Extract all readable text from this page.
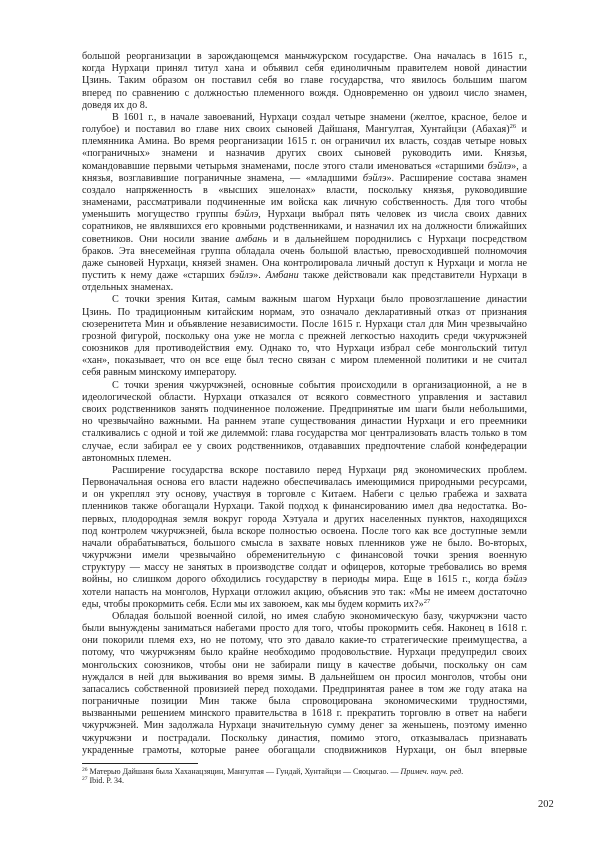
большой реорганизации в зарождающемся маньчжурском государстве. Она началась в 1615 г.,
когда Нурхаци принял титул хана и объявил себя единоличным правителем новой династии
Цзинь. Таким образом он поставил себя во главе государства, что явилось большим шагом
вперед по сравнению с должностью племенного вождя. Одновременно он удвоил число знамен,
доведя их до 8.
В 1601 г., в начале завоеваний, Нурхаци создал четыре знамени (желтое, красное, белое и
голубое) и поставил во главе них своих сыновей Дайшаня, Мангултая, Хунтайцзи (Абахая)$^{26}$ и
племянника Амина. Во время реорганизации 1615 г. он ограничил их власть, создав четыре новых
«пограничных» знамени и назначив других своих сыновей руководить ими. Князья,
командовавшие первыми четырьмя знаменами, после этого стали именоваться «старшими бэйлэ», а
князья, возглавившие пограничные знамена, — «младшими бэйлэ». Расширение состава знамен
создало напряженность в «высших эшелонах» власти, поскольку князья, руководившие
знаменами, рассматривали подчиненные им войска как личную собственность. Для того чтобы
уменьшить могущество группы бэйлэ, Нурхаци выбрал пять человек из числа своих давних
соратников, не являвшихся его кровными родственниками, и назначил их на должности ближайших
советников. Они носили звание амбань и в дальнейшем породнились с Нурхаци посредством
браков. Эта внесемейная группа обладала очень большой властью, превосходившей полномочия
даже сыновей Нурхаци, князей знамен. Она контролировала личный доступ к Нурхаци и могла не
пустить к нему даже «старших бэйлэ». Амбани также действовали как представители Нурхаци в
отдельных знаменах.
С точки зрения Китая, самым важным шагом Нурхаци было провозглашение династии
Цзинь. По традиционным китайским нормам, это означало декларативный отказ от признания
сюзеренитета Мин и объявление независимости. После 1615 г. Нурхаци стал для Мин чрезвычайно
грозной фигурой, поскольку она уже не могла с прежней легкостью находить среди чжурчжэней
союзников для противодействия ему. Однако то, что Нурхаци избрал себе монгольский титул
«хан», показывает, что он все еще был тесно связан с миром племенной политики и не считал
себя равным минскому императору.
С точки зрения чжурчжэней, основные события происходили в организационной, а не в
идеологической области. Нурхаци отказался от всякого совместного управления и заставил
своих родственников занять подчиненное положение. Предпринятые им шаги были небольшими,
но чрезвычайно важными. На раннем этапе существования династии Нурхаци и его преемники
сталкивались с одной и той же дилеммой: глава государства мог централизовать власть только в том
случае, если забирал ее у своих родственников, отдававших предпочтение слабой конфедерации
автономных племен.
Расширение государства вскоре поставило перед Нурхаци ряд экономических проблем.
Первоначальная основа его власти надежно обеспечивалась имеющимися природными ресурсами,
и он укреплял эту основу, участвуя в торговле с Китаем. Набеги с целью грабежа и захвата
пленников также обогащали Нурхаци. Такой подход к финансированию имел два недостатка. Во-
первых, плодородная земля вокруг города Хэтуала и других населенных пунктов, находящихся
под контролем чжурчжэней, была вскоре полностью освоена. После того как все доступные земли
начали обрабатываться, большого смысла в захвате новых пленников уже не было. Во-вторых,
чжурчжэни имели чрезвычайно обременительную с финансовой точки зрения военную
структуру — массу не занятых в производстве солдат и офицеров, которые требовались во время
войны, но слишком дорого обходились государству в периоды мира. Еще в 1615 г., когда бэйлэ
хотели напасть на монголов, Нурхаци отложил акцию, объяснив это так: «Мы не имеем достаточно
еды, чтобы прокормить себя. Если мы их завоюем, как мы будем кормить их?»$^{27}$
Обладая большой военной силой, но имея слабую экономическую базу, чжурчжэни часто
были вынуждены заниматься набегами просто для того, чтобы прокормить себя. Наконец в 1618 г.
они покорили племя ехэ, но не потому, что это давало какие-то стратегические преимущества, а
потому, что чжурчжэням было крайне необходимо продовольствие. Нурхаци предупредил своих
монгольских союзников, чтобы они не забирали пищу в качестве добычи, поскольку он сам
нуждался в ней для выживания во время зимы. В дальнейшем он просил монголов, чтобы они
запасались собственной провизией перед походами. Предпринятая ранее в том же году атака на
пограничные позиции Мин также была спровоцирована экономическими трудностями,
вызванными решением минского правительства в 1618 г. прекратить торговлю в ответ на набеги
чжурчжэней. Мин задолжала Нурхаци значительную сумму денег за женьшень, поэтому именно
чжурчжэни и пострадали. Поскольку династия, помимо этого, отказывалась признавать
украденные грамоты, которые ранее обогащали сподвижников Нурхаци, он был впервые
$^{26}$ Матерью Дайшаня была Хаханацзяцин, Мангултая — Гундай, Хунтайцзи — Сяоцыгао. — Примеч. науч. ред.
$^{27}$ Ibid. P. 34.
202
